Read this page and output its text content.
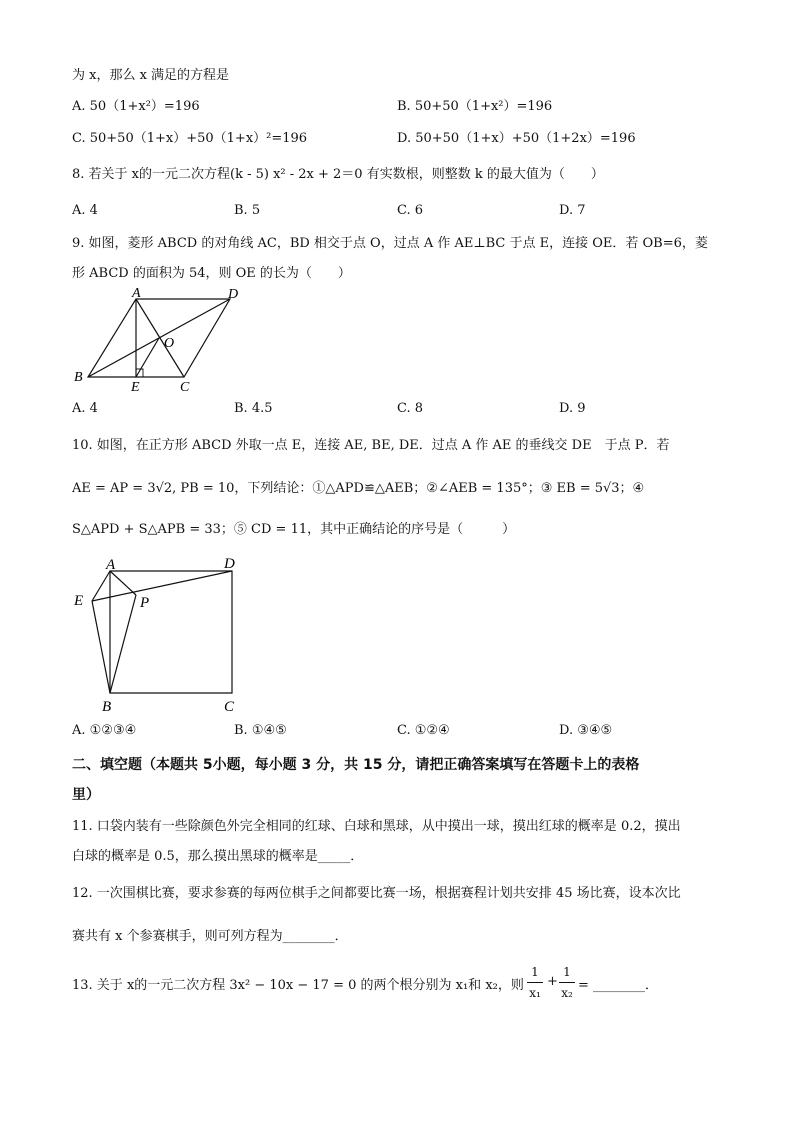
为 x，那么 x 满足的方程是
A. 50（1+x²）=196	B. 50+50（1+x²）=196
C. 50+50（1+x）+50（1+x）²=196	D. 50+50（1+x）+50（1+2x）=196
8. 若关于 x的一元二次方程(k - 5) x² - 2x + 2＝0 有实数根，则整数 k 的最大值为（　　）
A. 4	B. 5	C. 6	D. 7
9. 如图，菱形 ABCD 的对角线 AC，BD 相交于点 O，过点 A 作 AE⊥BC 于点 E，连接 OE．若 OB=6，菱
形 ABCD 的面积为 54，则 OE 的长为（　　）
A	D
O
B
E	C
A. 4	B. 4.5	C. 8	D. 9
10. 如图，在正方形 ABCD 外取一点 E，连接 AE, BE, DE．过点 A 作 AE 的垂线交 DE　于点 P．若
AE = AP = 3√2, PB = 10，下列结论：①△APD≌△AEB；②∠AEB = 135°；③ EB = 5√3；④
S△APD + S△APB = 33；⑤ CD = 11，其中正确结论的序号是（　　　）
A	D
E	P
B	C
A. ①②③④	B. ①④⑤	C. ①②④	D. ③④⑤
二、填空题（本题共 5小题，每小题 3 分，共 15 分，请把正确答案填写在答题卡上的表格
里）
11. 口袋内装有一些除颜色外完全相同的红球、白球和黑球，从中摸出一球，摸出红球的概率是 0.2，摸出
白球的概率是 0.5，那么摸出黑球的概率是_____．
12. 一次围棋比赛，要求参赛的每两位棋手之间都要比赛一场，根据赛程计划共安排 45 场比赛，设本次比
赛共有 x 个参赛棋手，则可列方程为________．
13. 关于 x的一元二次方程 3x² − 10x − 17 = 0 的两个根分别为 x₁和 x₂，则
1
x₁
+
1
x₂ = ________．
